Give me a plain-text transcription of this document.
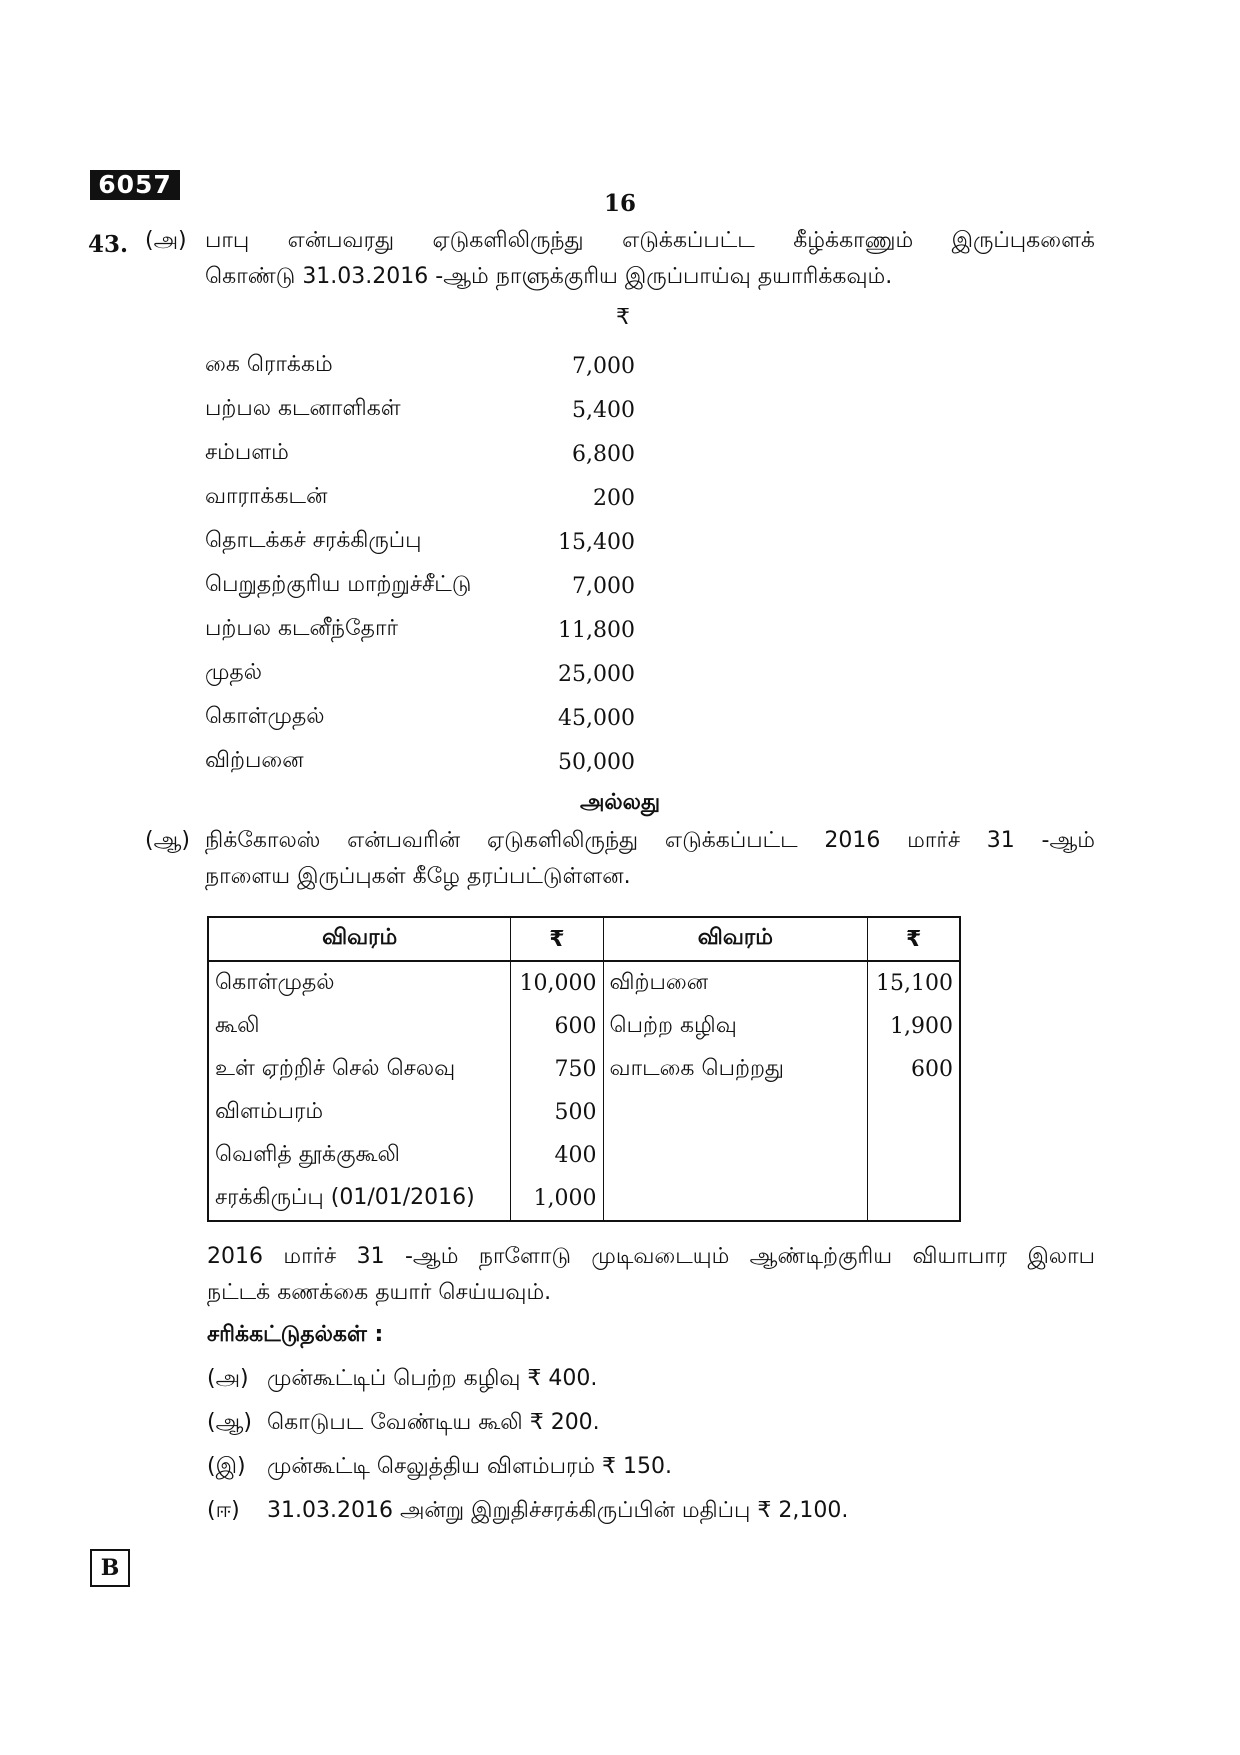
6057
16
43. (அ) பாபு என்பவரது ஏடுகளிலிருந்து எடுக்கப்பட்ட கீழ்க்காணும் இருப்புகளைக்
கொண்டு 31.03.2016 -ஆம் நாளுக்குரிய இருப்பாய்வு தயாரிக்கவும்.
₹
கை ரொக்கம்	7,000
பற்பல கடனாளிகள்	5,400
சம்பளம்	6,800
வாராக்கடன்	200
தொடக்கச் சரக்கிருப்பு	15,400
பெறுதற்குரிய மாற்றுச்சீட்டு	7,000
பற்பல கடனீந்தோர்	11,800
முதல்	25,000
கொள்முதல்	45,000
விற்பனை	50,000
அல்லது
(ஆ) நிக்கோலஸ் என்பவரின் ஏடுகளிலிருந்து எடுக்கப்பட்ட 2016 மார்ச் 31 -ஆம்
நாளைய இருப்புகள் கீழே தரப்பட்டுள்ளன.
விவரம்	₹	விவரம்	₹
கொள்முதல்	10,000	விற்பனை	15,100
கூலி	600	பெற்ற கழிவு	1,900
உள் ஏற்றிச் செல் செலவு	750	வாடகை பெற்றது	600
விளம்பரம்	500		
வெளித் தூக்குகூலி	400		
சரக்கிருப்பு (01/01/2016)	1,000		
2016 மார்ச் 31 -ஆம் நாளோடு முடிவடையும் ஆண்டிற்குரிய வியாபார இலாப
நட்டக் கணக்கை தயார் செய்யவும்.
சரிக்கட்டுதல்கள் :
(அ) முன்கூட்டிப் பெற்ற கழிவு ₹ 400.
(ஆ) கொடுபட வேண்டிய கூலி ₹ 200.
(இ) முன்கூட்டி செலுத்திய விளம்பரம் ₹ 150.
(ஈ) 31.03.2016 அன்று இறுதிச்சரக்கிருப்பின் மதிப்பு ₹ 2,100.
B
